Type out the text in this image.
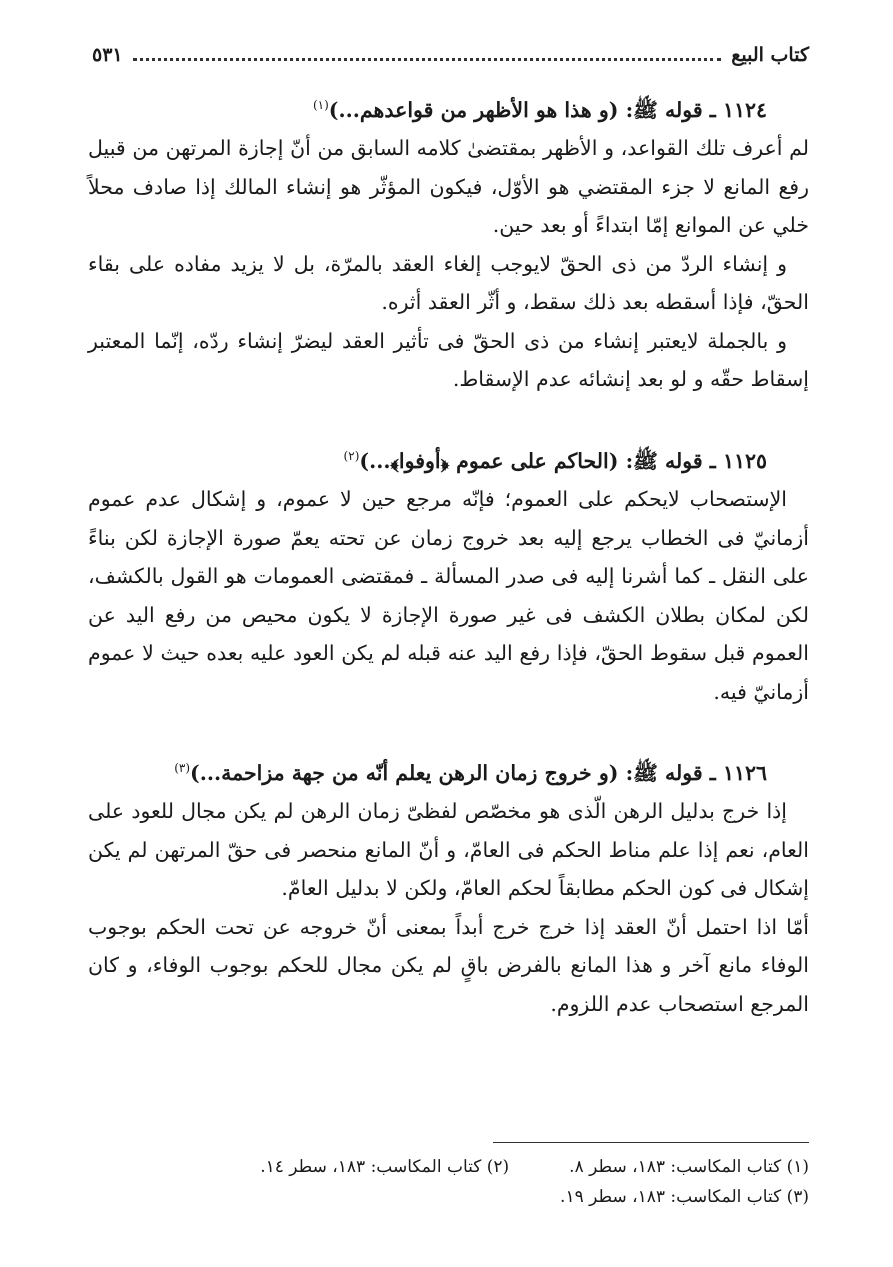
كتاب البيع
٥٣١

١١٢٤ ـ قوله ﷺ: (و هذا هو الأظهر من قواعدهم...)$^{(١)}$

لم أعرف تلك القواعد، و الأظهر بمقتضىٰ كلامه السابق من أنّ إجازة المرتهن من قبيل رفع المانع لا جزء المقتضي هو الأوّل، فيكون المؤثّر هو إنشاء المالك إذا صادف محلاً خلي عن الموانع إمّا ابتداءً أو بعد حين.

و إنشاء الردّ من ذى الحقّ لايوجب إلغاء العقد بالمرّة، بل لا يزيد مفاده على بقاء الحقّ، فإذا أسقطه بعد ذلك سقط، و أثّر العقد أثره.

و بالجملة لايعتبر إنشاء من ذى الحقّ فى تأثير العقد ليضرّ إنشاء ردّه، إنّما المعتبر إسقاط حقّه و لو بعد إنشائه عدم الإسقاط.

١١٢٥ ـ قوله ﷺ: (الحاكم على عموم ﴿أوفوا﴾...)$^{(٢)}$

الإستصحاب لايحكم على العموم؛ فإنّه مرجع حين لا عموم، و إشكال عدم عموم أزمانيّ فى الخطاب يرجع إليه بعد خروج زمان عن تحته يعمّ صورة الإجازة لكن بناءً على النقل ـ كما أشرنا إليه فى صدر المسألة ـ فمقتضى العمومات هو القول بالكشف، لكن لمكان بطلان الكشف فى غير صورة الإجازة لا يكون محيص من رفع اليد عن العموم قبل سقوط الحقّ، فإذا رفع اليد عنه قبله لم يكن العود عليه بعده حيث لا عموم أزمانيّ فيه.

١١٢٦ ـ قوله ﷺ: (و خروج زمان الرهن يعلم أنّه من جهة مزاحمة...)$^{(٣)}$

إذا خرج بدليل الرهن الّذى هو مخصّص لفظىّ زمان الرهن لم يكن مجال للعود على العام، نعم إذا علم مناط الحكم فى العامّ، و أنّ المانع منحصر فى حقّ المرتهن لم يكن إشكال فى كون الحكم مطابقاً لحكم العامّ، ولكن لا بدليل العامّ.

أمّا اذا احتمل أنّ العقد إذا خرج خرج أبداً بمعنى أنّ خروجه عن تحت الحكم بوجوب الوفاء مانع آخر و هذا المانع بالفرض باقٍ لم يكن مجال للحكم بوجوب الوفاء، و كان المرجع استصحاب عدم اللزوم.

(١) كتاب المكاسب: ١٨٣، سطر ٨.
(٢) كتاب المكاسب: ١٨٣، سطر ١٤.
(٣) كتاب المكاسب: ١٨٣، سطر ١٩.
